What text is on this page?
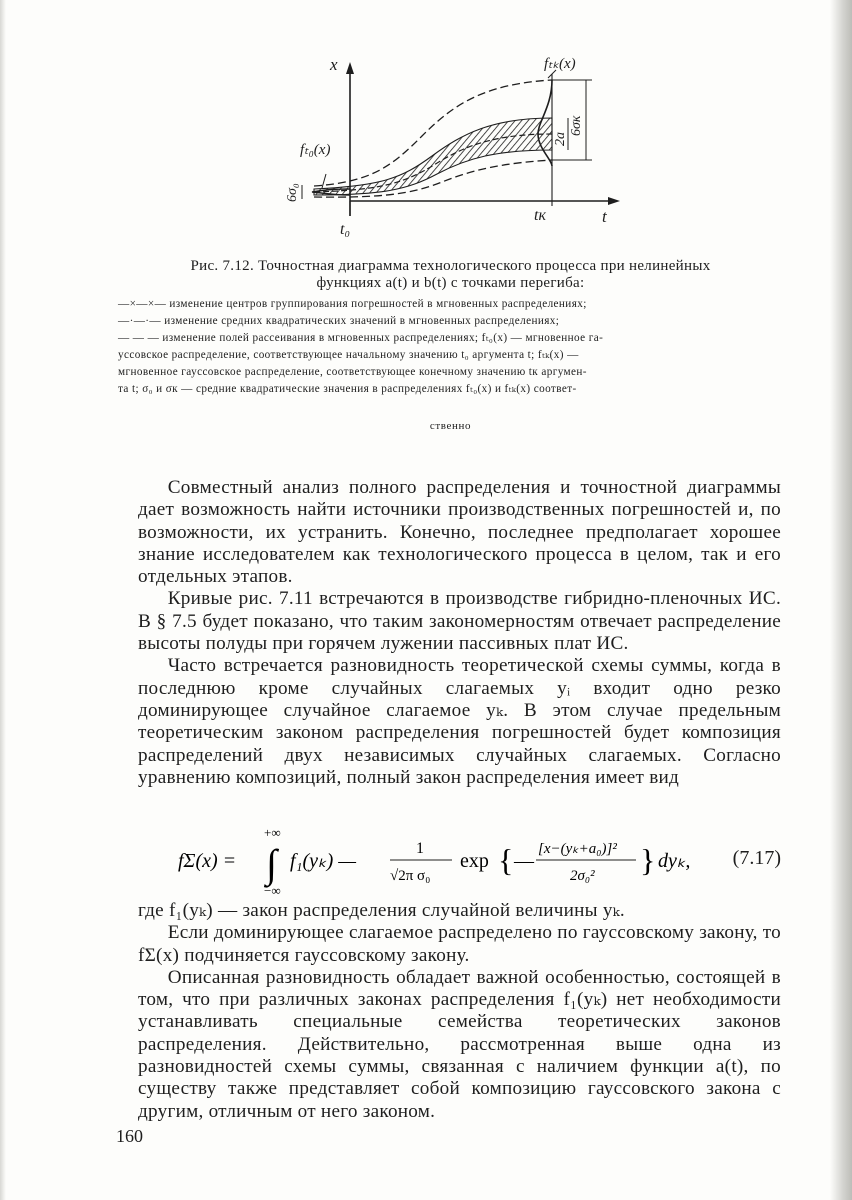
x
t
t₀
tк
fₜ₀(x)
fₜₖ(x)
6σ₀
2a
6σк
Рис. 7.12. Точностная диаграмма технологического процесса при нелинейных
функциях a(t) и b(t) с точками перегиба:
—×—×— изменение центров группирования погрешностей в мгновенных распределениях;
—·—·— изменение средних квадратических значений в мгновенных распределениях;
— — — изменение полей рассеивания в мгновенных распределениях; fₜ₀(x) — мгновенное га-
уссовское распределение, соответствующее начальному значению t₀ аргумента t; fₜₖ(x) —
мгновенное гауссовское распределение, соответствующее конечному значению tк аргумен-
та t; σ₀ и σк — средние квадратические значения в распределениях fₜ₀(x) и fₜₖ(x) соответ-
ственно

Совместный анализ полного распределения и точностной диаграммы дает возможность найти источники производственных погрешностей и, по возможности, их устранить. Конечно, последнее предполагает хорошее знание исследователем как технологического процесса в целом, так и его отдельных этапов.

Кривые рис. 7.11 встречаются в производстве гибридно-пленочных ИС. В § 7.5 будет показано, что таким закономерностям отвечает распределение высоты полуды при горячем лужении пассивных плат ИС.

Часто встречается разновидность теоретической схемы суммы, когда в последнюю кроме случайных слагаемых yᵢ входит одно резко доминирующее случайное слагаемое yₖ. В этом случае предельным теоретическим законом распределения погрешностей будет композиция распределений двух независимых случайных слагаемых. Согласно уравнению композиций, полный закон распределения имеет вид

fΣ(x) = ∫
+∞
−∞
f₁(yₖ) —
1
√2π σ₀
exp { —
[x−(yₖ+a₀)]²
2σ₀² } dyₖ, (7.17)

где f₁(yₖ) — закон распределения случайной величины yₖ.

Если доминирующее слагаемое распределено по гауссовскому закону, то fΣ(x) подчиняется гауссовскому закону.

Описанная разновидность обладает важной особенностью, состоящей в том, что при различных законах распределения f₁(yₖ) нет необходимости устанавливать специальные семейства теоретических законов распределения. Действительно, рассмотренная выше одна из разновидностей схемы суммы, связанная с наличием функции a(t), по существу также представляет собой композицию гауссовского закона с другим, отличным от него законом.

160
